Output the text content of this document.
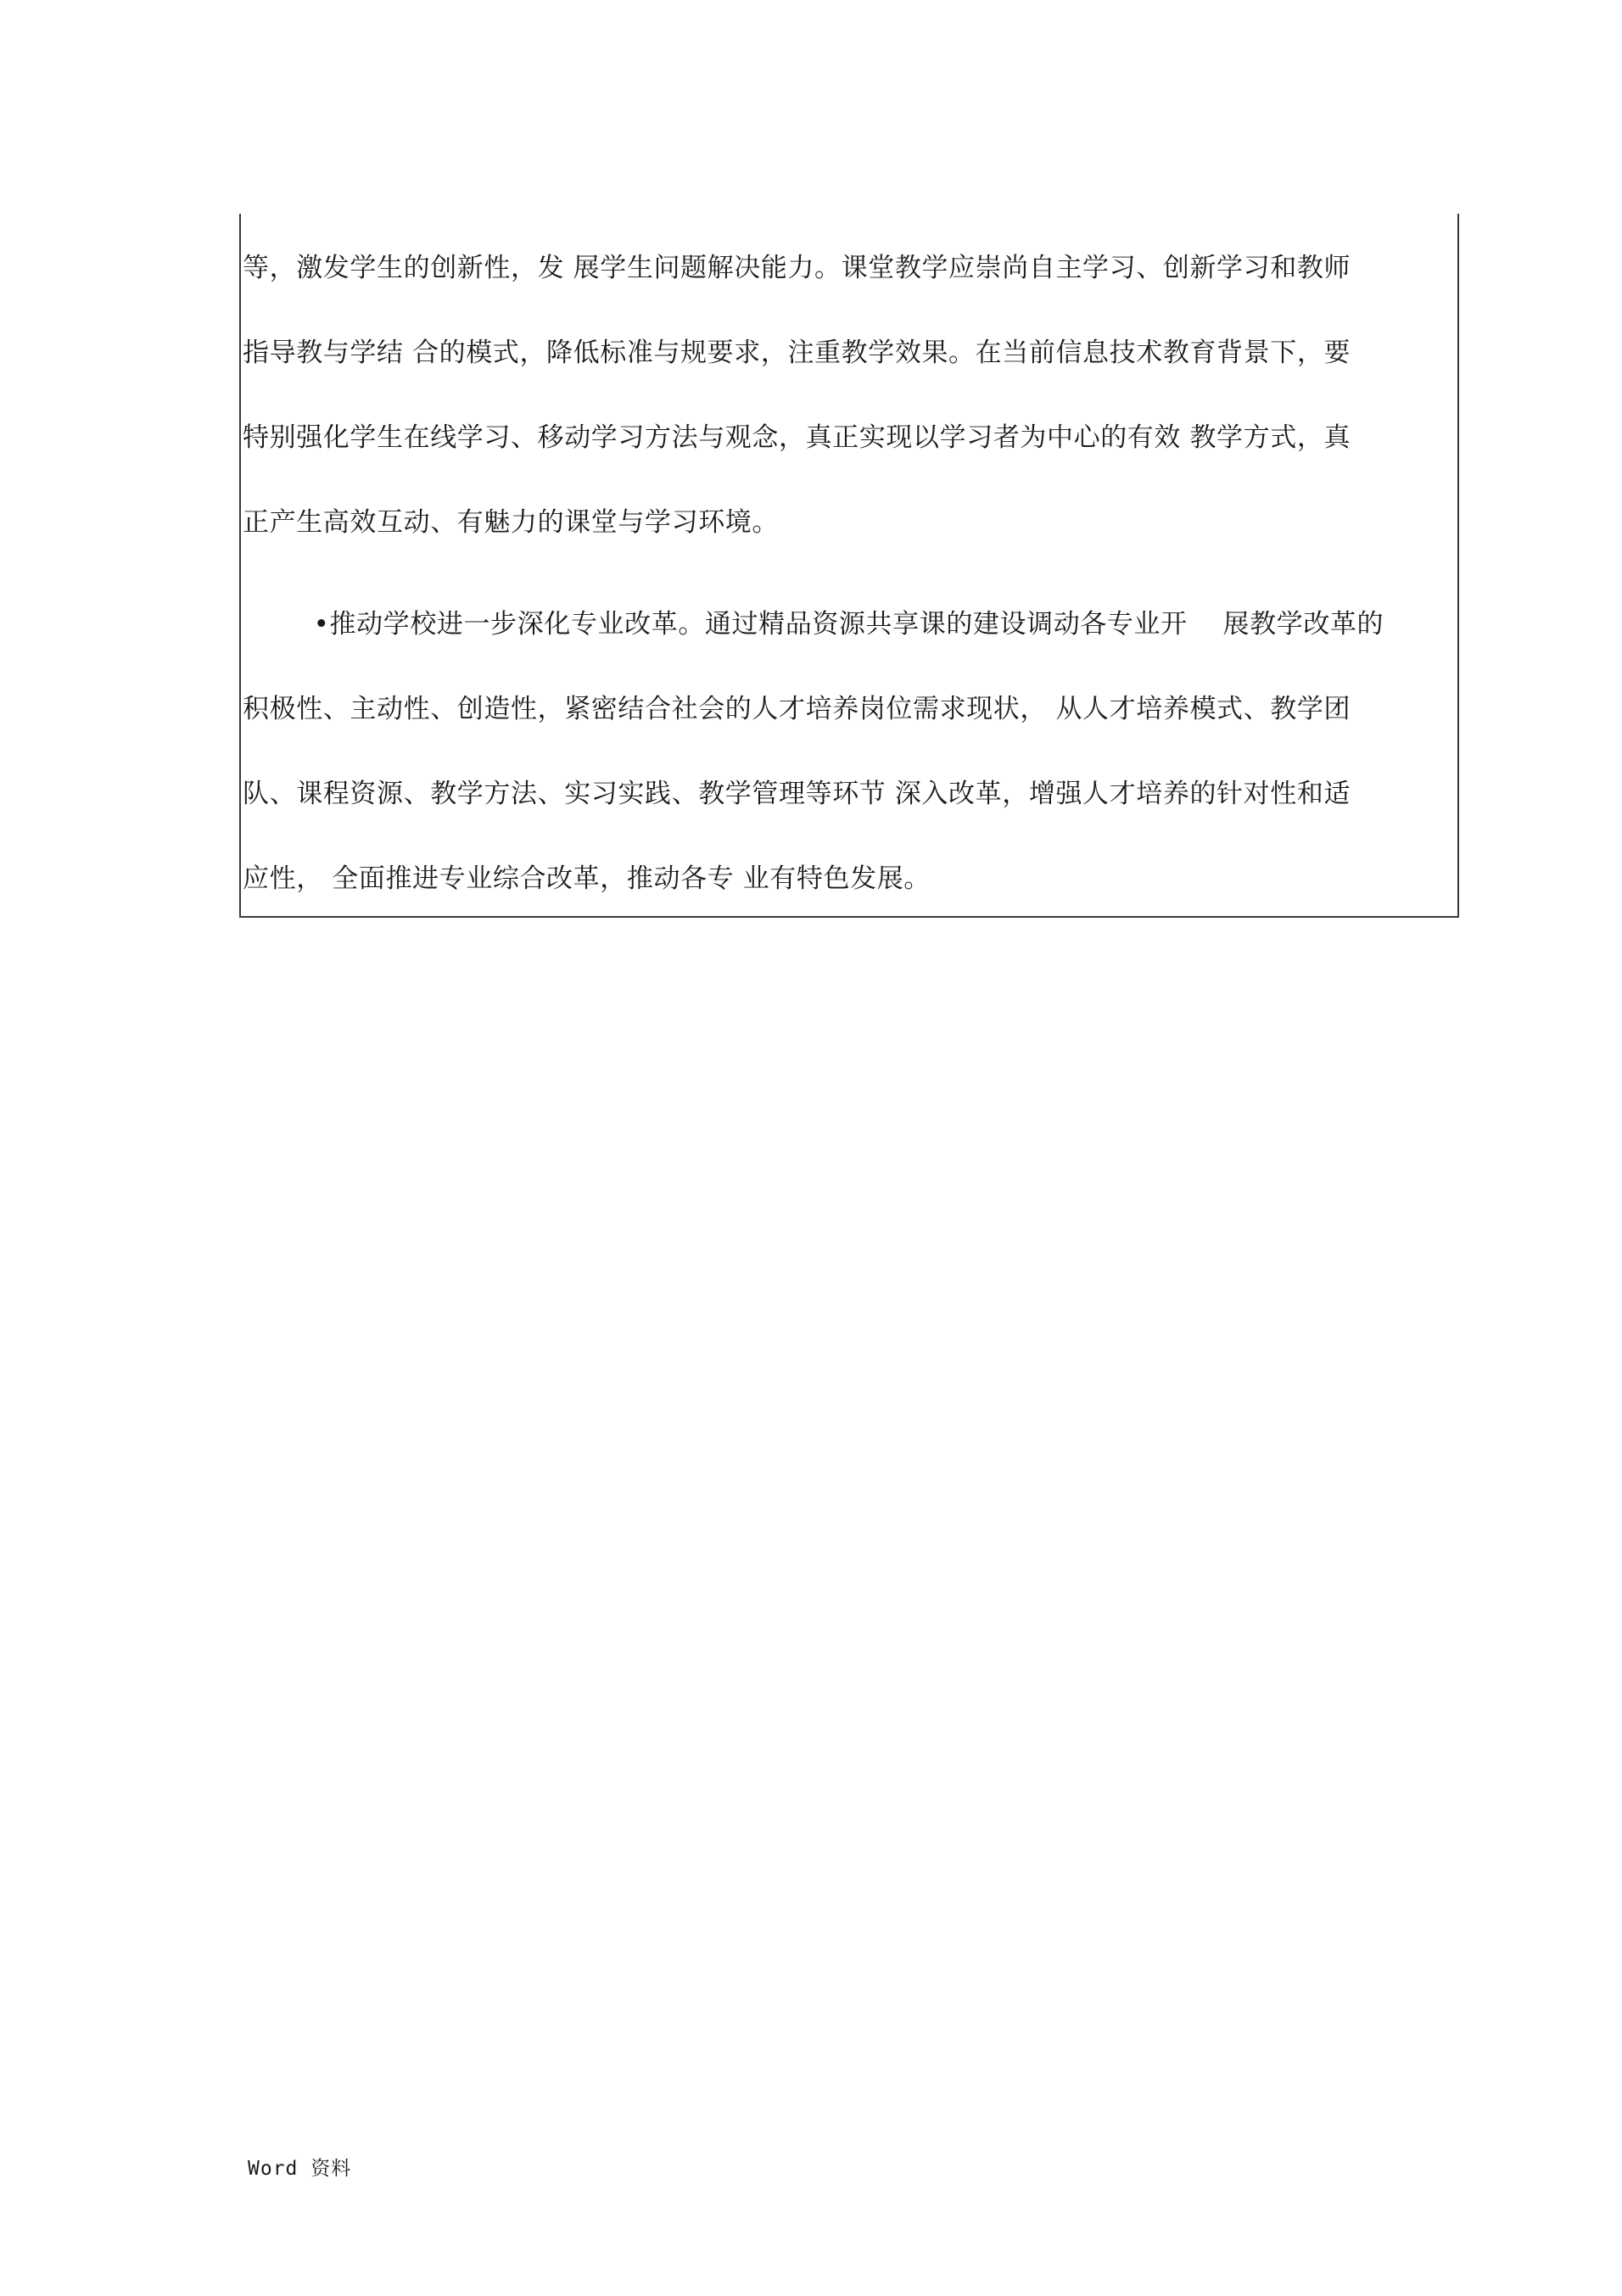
等，激发学生的创新性，发 展学生问题解决能力。课堂教学应崇尚自主学习、创新学习和教师
指导教与学结 合的模式，降低标准与规要求，注重教学效果。在当前信息技术教育背景下，要
特别强化学生在线学习、移动学习方法与观念，真正实现以学习者为中心的有效 教学方式，真
正产生高效互动、有魅力的课堂与学习环境。
•推动学校进一步深化专业改革。通过精品资源共享课的建设调动各专业开    展教学改革的
积极性、主动性、创造性，紧密结合社会的人才培养岗位需求现状， 从人才培养模式、教学团
队、课程资源、教学方法、实习实践、教学管理等环节 深入改革，增强人才培养的针对性和适
应性， 全面推进专业综合改革，推动各专 业有特色发展。
Word 资料
